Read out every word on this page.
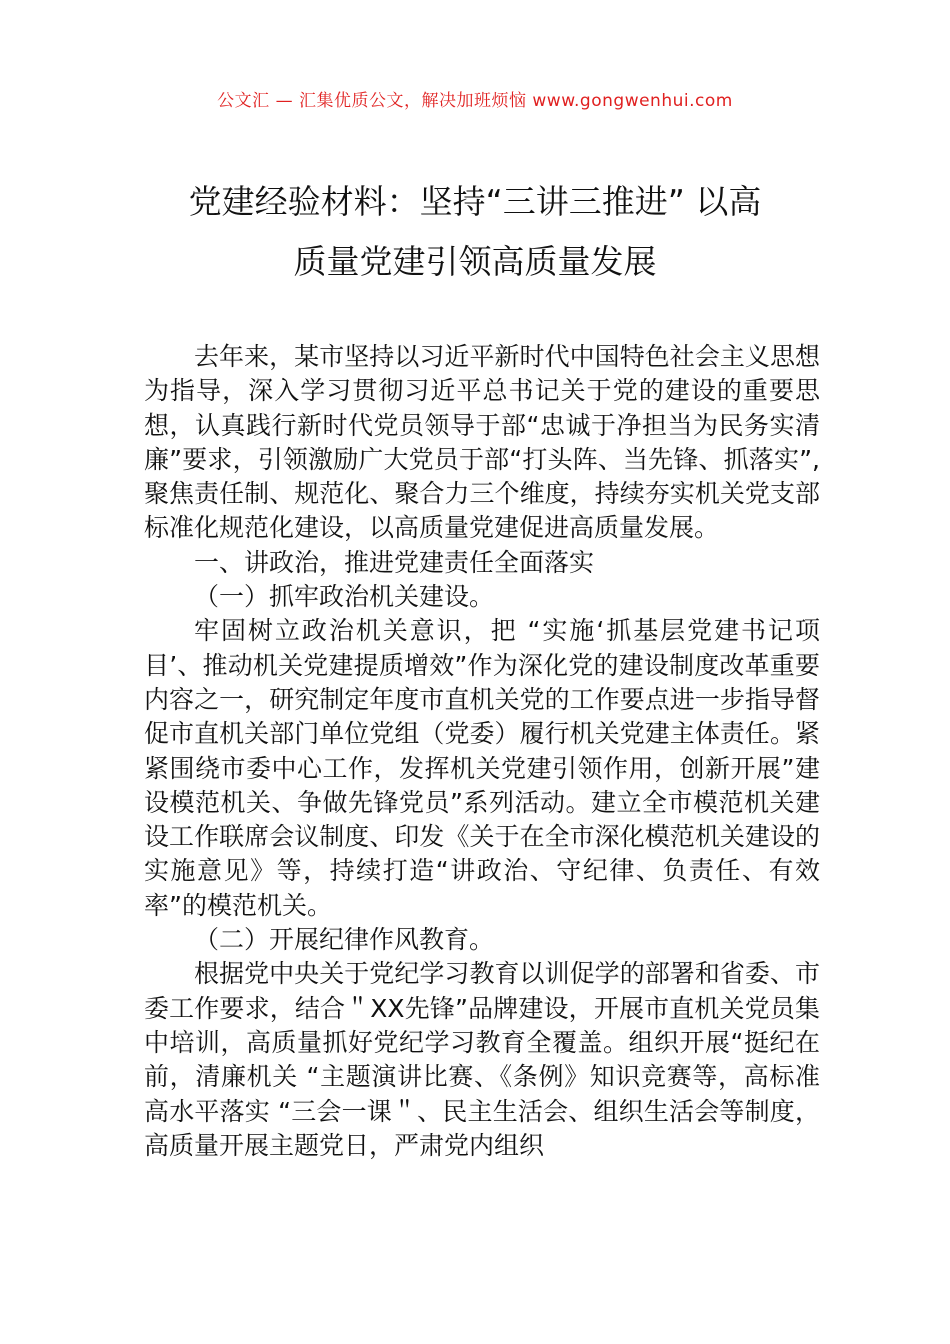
公文汇 — 汇集优质公文，解决加班烦恼 www.gongwenhui.com
党建经验材料：坚持“三讲三推进” 以高
质量党建引领高质量发展

去年来，某市坚持以习近平新时代中国特色社会主义思想为指导，深入学习贯彻习近平总书记关于党的建设的重要思想，认真践行新时代党员领导于部“忠诚于净担当为民务实清廉”要求，引领激励广大党员于部“打头阵、当先锋、抓落实”,聚焦责任制、规范化、聚合力三个维度，持续夯实机关党支部标准化规范化建设，以高质量党建促进高质量发展。

一、讲政治，推进党建责任全面落实

（一）抓牢政治机关建设。

牢固树立政治机关意识，把 “实施‘抓基层党建书记项目’、推动机关党建提质增效”作为深化党的建设制度改革重要内容之一，研究制定年度市直机关党的工作要点进一步指导督促市直机关部门单位党组（党委）履行机关党建主体责任。紧紧围绕市委中心工作，发挥机关党建引领作用，创新开展”建设模范机关、争做先锋党员”系列活动。建立全市模范机关建设工作联席会议制度、印发《关于在全市深化模范机关建设的实施意见》等，持续打造“讲政治、守纪律、负责任、有效率”的模范机关。

（二）开展纪律作风教育。

根据党中央关于党纪学习教育以训促学的部署和省委、市委工作要求，结合＂XX先锋”品牌建设，开展市直机关党员集中培训，高质量抓好党纪学习教育全覆盖。组织开展“挺纪在前，清廉机关 “主题演讲比赛、《条例》知识竞赛等，高标准高水平落实 “三会一课＂、民主生活会、组织生活会等制度，高质量开展主题党日，严肃党内组织
